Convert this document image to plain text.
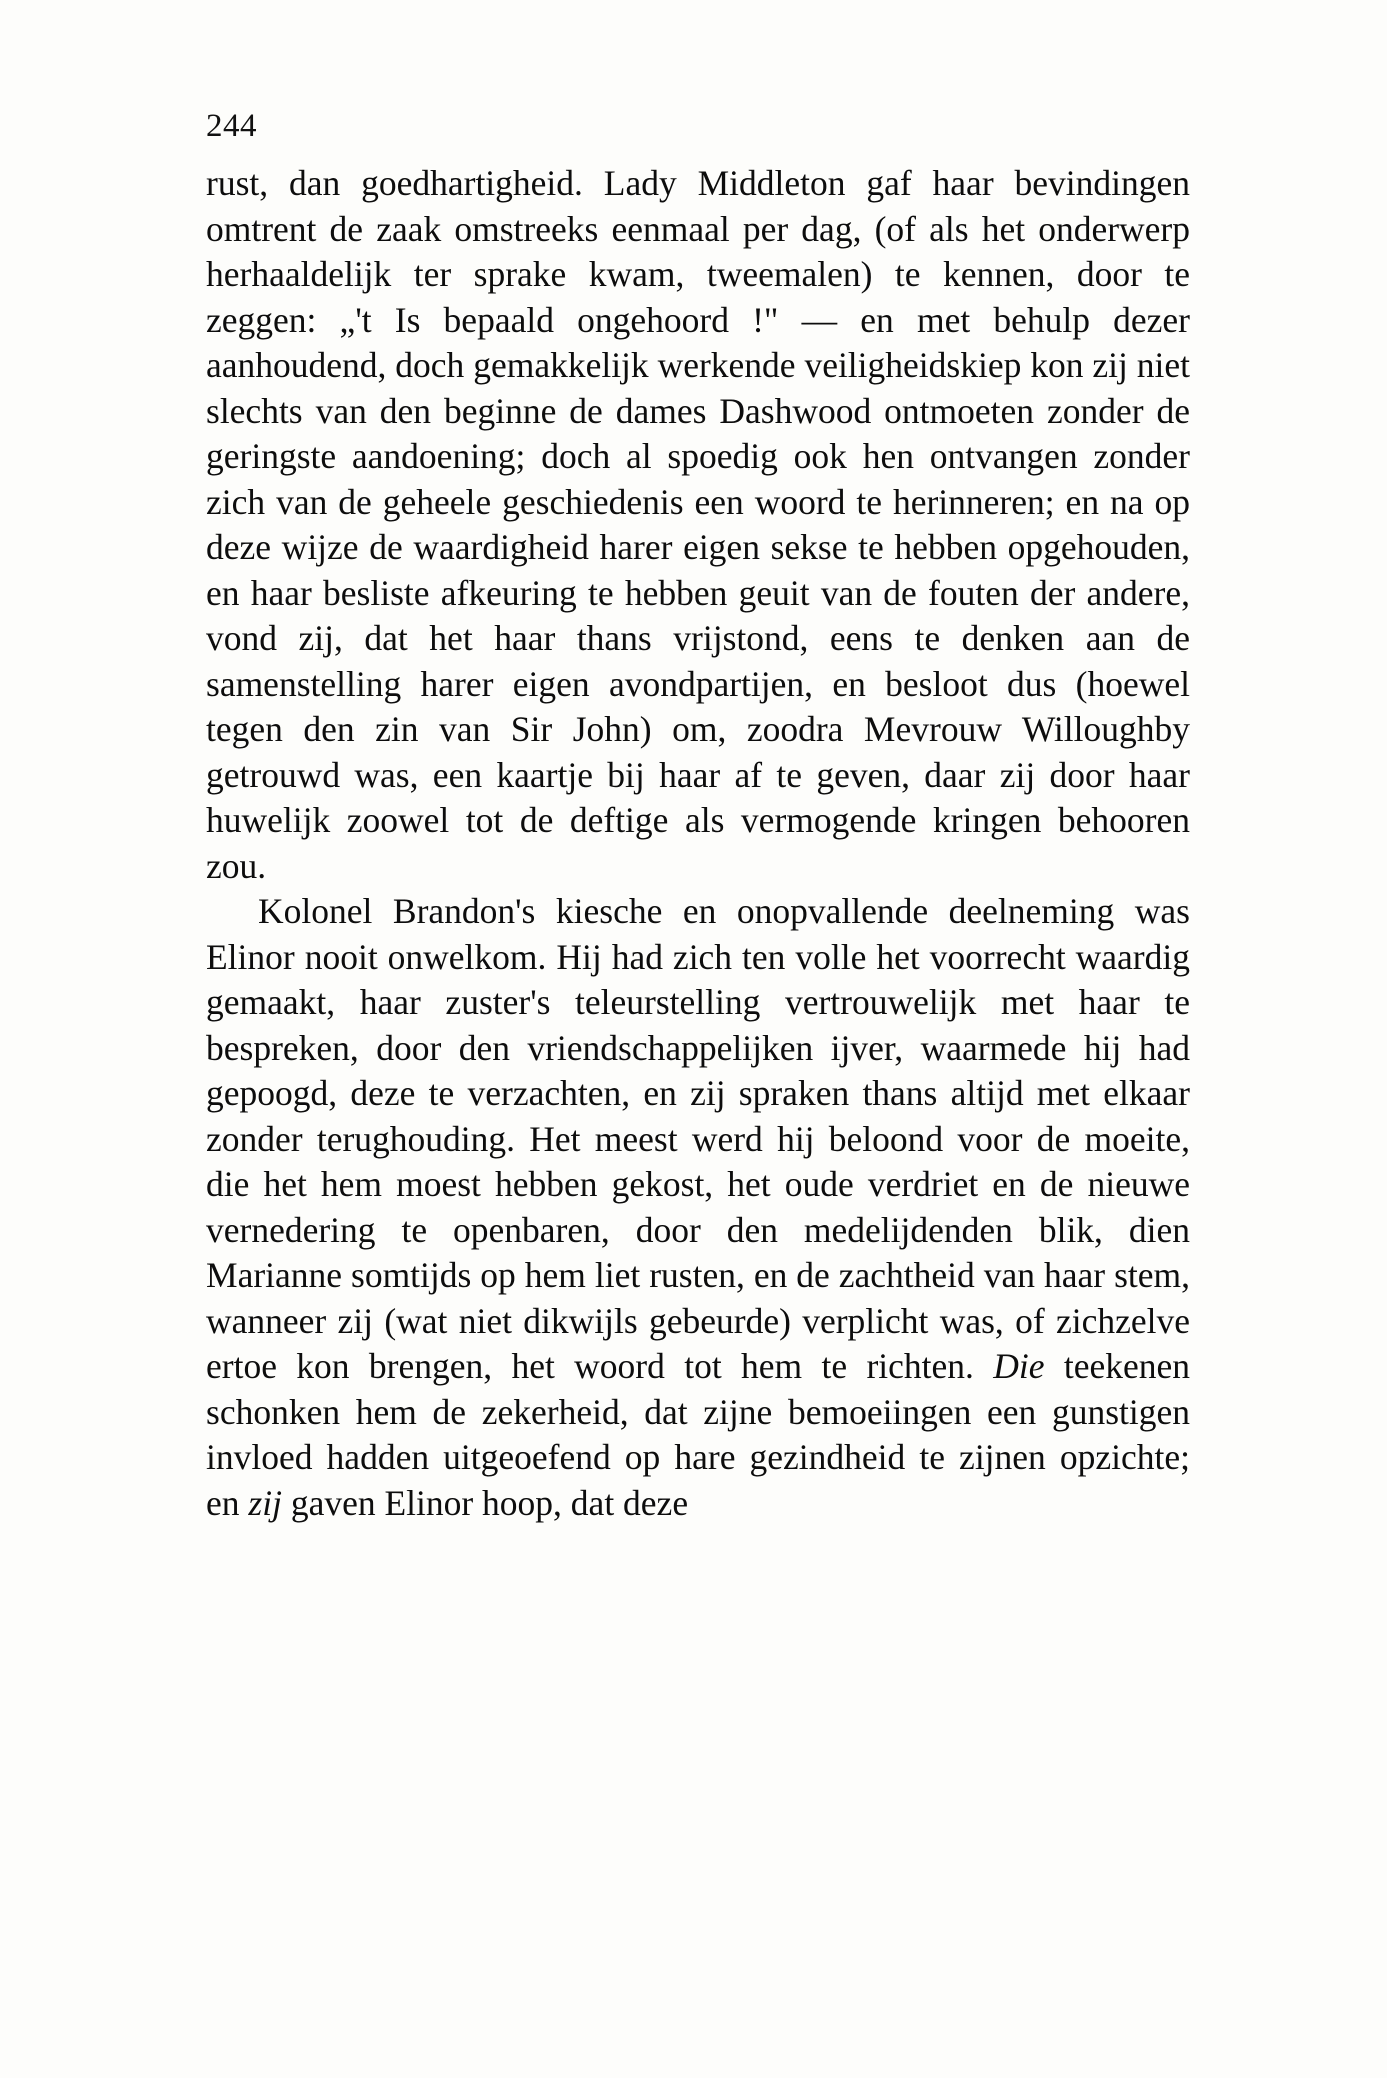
244

rust, dan goedhartigheid. Lady Middleton gaf haar bevindingen omtrent de zaak omstreeks eenmaal per dag, (of als het onderwerp herhaaldelijk ter sprake kwam, tweemalen) te kennen, door te zeggen: „'t Is bepaald ongehoord !" — en met behulp dezer aanhoudend, doch gemakkelijk werkende veiligheidskiep kon zij niet slechts van den beginne de dames Dashwood ontmoeten zonder de geringste aandoening; doch al spoedig ook hen ontvangen zonder zich van de geheele geschiedenis een woord te herinneren; en na op deze wijze de waardigheid harer eigen sekse te hebben opgehouden, en haar besliste afkeuring te hebben geuit van de fouten der andere, vond zij, dat het haar thans vrijstond, eens te denken aan de samenstelling harer eigen avondpartijen, en besloot dus (hoewel tegen den zin van Sir John) om, zoodra Mevrouw Willoughby getrouwd was, een kaartje bij haar af te geven, daar zij door haar huwelijk zoowel tot de deftige als vermogende kringen behooren zou.

Kolonel Brandon's kiesche en onopvallende deelneming was Elinor nooit onwelkom. Hij had zich ten volle het voorrecht waardig gemaakt, haar zuster's teleurstelling vertrouwelijk met haar te bespreken, door den vriendschappelijken ijver, waarmede hij had gepoogd, deze te verzachten, en zij spraken thans altijd met elkaar zonder terughouding. Het meest werd hij beloond voor de moeite, die het hem moest hebben gekost, het oude verdriet en de nieuwe vernedering te openbaren, door den medelijdenden blik, dien Marianne somtijds op hem liet rusten, en de zachtheid van haar stem, wanneer zij (wat niet dikwijls gebeurde) verplicht was, of zichzelve ertoe kon brengen, het woord tot hem te richten. Die teekenen schonken hem de zekerheid, dat zijne bemoeiingen een gunstigen invloed hadden uitgeoefend op hare gezindheid te zijnen opzichte; en zij gaven Elinor hoop, dat deze
